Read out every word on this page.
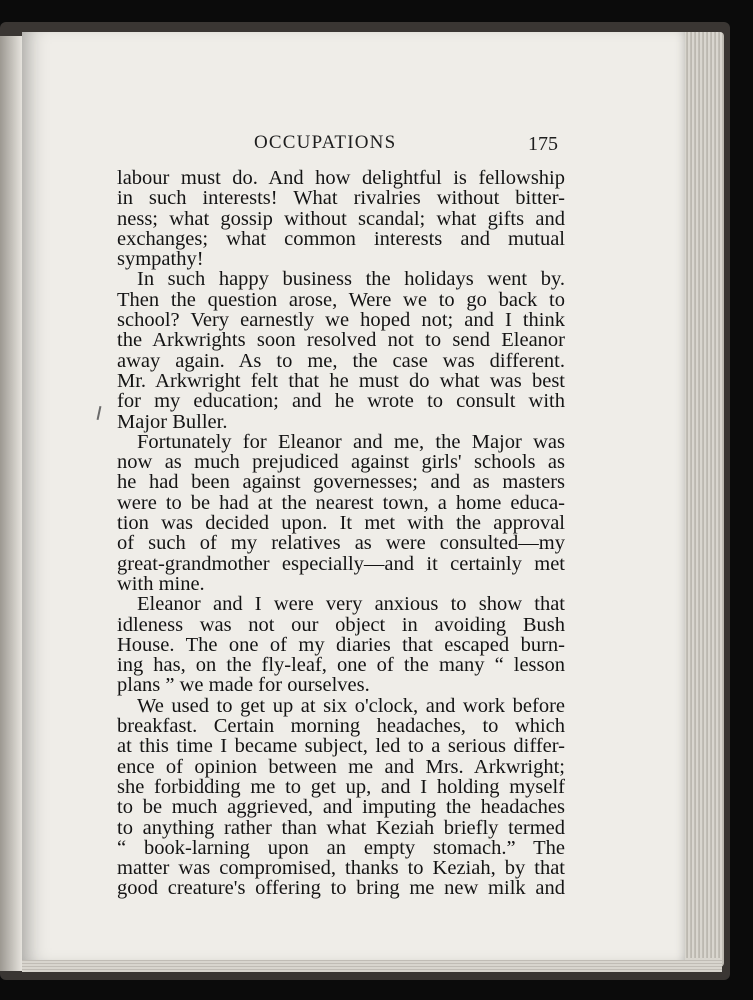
OCCUPATIONS	175
labour must do. And how delightful is fellowship
in such interests! What rivalries without bitter-
ness; what gossip without scandal; what gifts and
exchanges; what common interests and mutual
sympathy!
In such happy business the holidays went by.
Then the question arose, Were we to go back to
school? Very earnestly we hoped not; and I think
the Arkwrights soon resolved not to send Eleanor
away again. As to me, the case was different.
Mr. Arkwright felt that he must do what was best
for my education; and he wrote to consult with
Major Buller.
Fortunately for Eleanor and me, the Major was
now as much prejudiced against girls' schools as
he had been against governesses; and as masters
were to be had at the nearest town, a home educa-
tion was decided upon. It met with the approval
of such of my relatives as were consulted—my
great-grandmother especially—and it certainly met
with mine.
Eleanor and I were very anxious to show that
idleness was not our object in avoiding Bush
House. The one of my diaries that escaped burn-
ing has, on the fly-leaf, one of the many “ lesson
plans ” we made for ourselves.
We used to get up at six o'clock, and work before
breakfast. Certain morning headaches, to which
at this time I became subject, led to a serious differ-
ence of opinion between me and Mrs. Arkwright;
she forbidding me to get up, and I holding myself
to be much aggrieved, and imputing the headaches
to anything rather than what Keziah briefly termed
“ book-larning upon an empty stomach.” The
matter was compromised, thanks to Keziah, by that
good creature's offering to bring me new milk and
